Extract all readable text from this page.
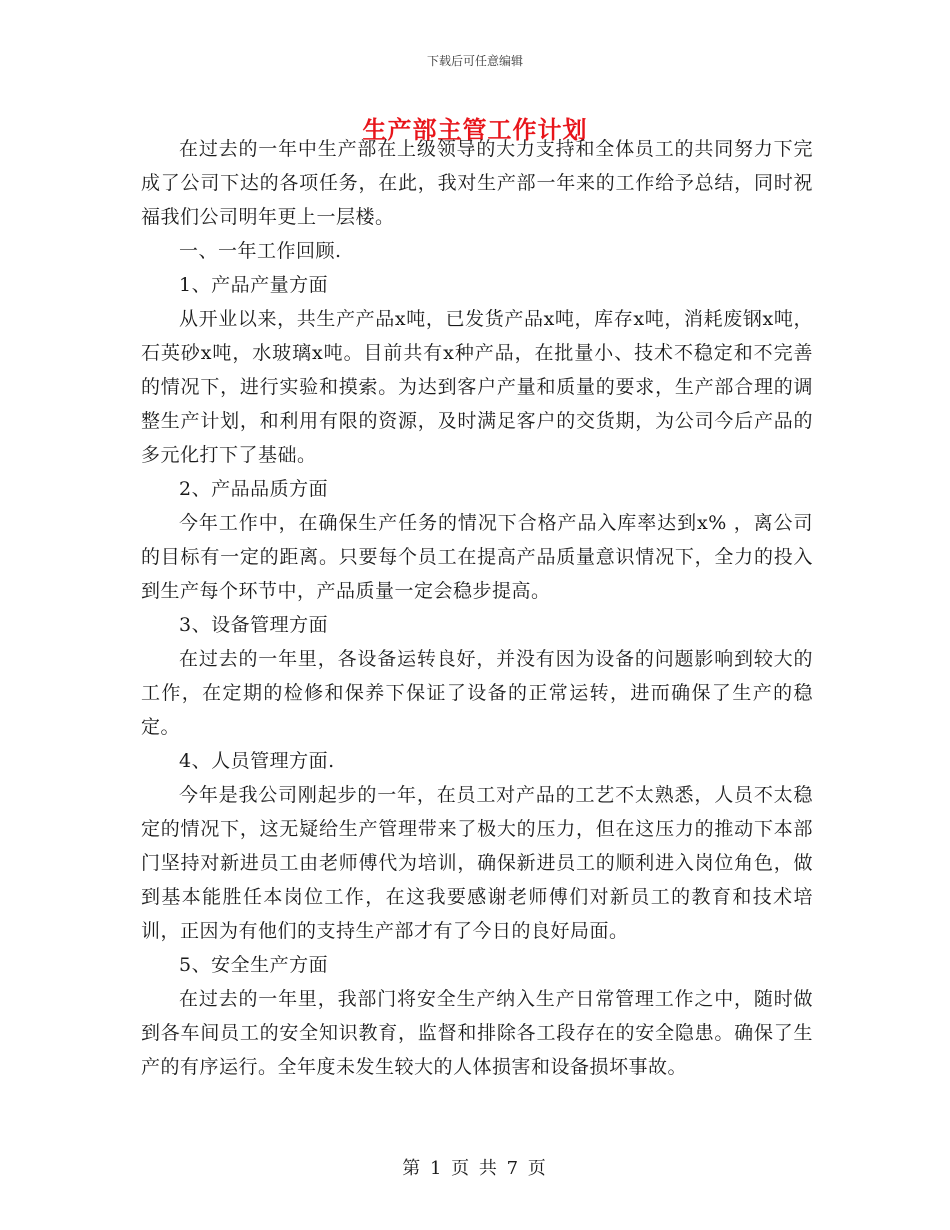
下载后可任意编辑
生产部主管工作计划

在过去的一年中生产部在上级领导的大力支持和全体员工的共同努力下完成了公司下达的各项任务，在此，我对生产部一年来的工作给予总结，同时祝福我们公司明年更上一层楼。

一、一年工作回顾.

1、产品产量方面

从开业以来，共生产产品x吨，已发货产品x吨，库存x吨，消耗废钢x吨，石英砂x吨，水玻璃x吨。目前共有x种产品，在批量小、技术不稳定和不完善的情况下，进行实验和摸索。为达到客户产量和质量的要求，生产部合理的调整生产计划，和利用有限的资源，及时满足客户的交货期，为公司今后产品的多元化打下了基础。

2、产品品质方面

今年工作中，在确保生产任务的情况下合格产品入库率达到x% ，离公司的目标有一定的距离。只要每个员工在提高产品质量意识情况下，全力的投入到生产每个环节中，产品质量一定会稳步提高。

3、设备管理方面

在过去的一年里，各设备运转良好，并没有因为设备的问题影响到较大的工作，在定期的检修和保养下保证了设备的正常运转，进而确保了生产的稳定。

4、人员管理方面.

今年是我公司刚起步的一年，在员工对产品的工艺不太熟悉，人员不太稳定的情况下，这无疑给生产管理带来了极大的压力，但在这压力的推动下本部门坚持对新进员工由老师傅代为培训，确保新进员工的顺利进入岗位角色，做到基本能胜任本岗位工作，在这我要感谢老师傅们对新员工的教育和技术培训，正因为有他们的支持生产部才有了今日的良好局面。

5、安全生产方面

在过去的一年里，我部门将安全生产纳入生产日常管理工作之中，随时做到各车间员工的安全知识教育，监督和排除各工段存在的安全隐患。确保了生产的有序运行。全年度未发生较大的人体损害和设备损坏事故。

第 1 页 共 7 页
